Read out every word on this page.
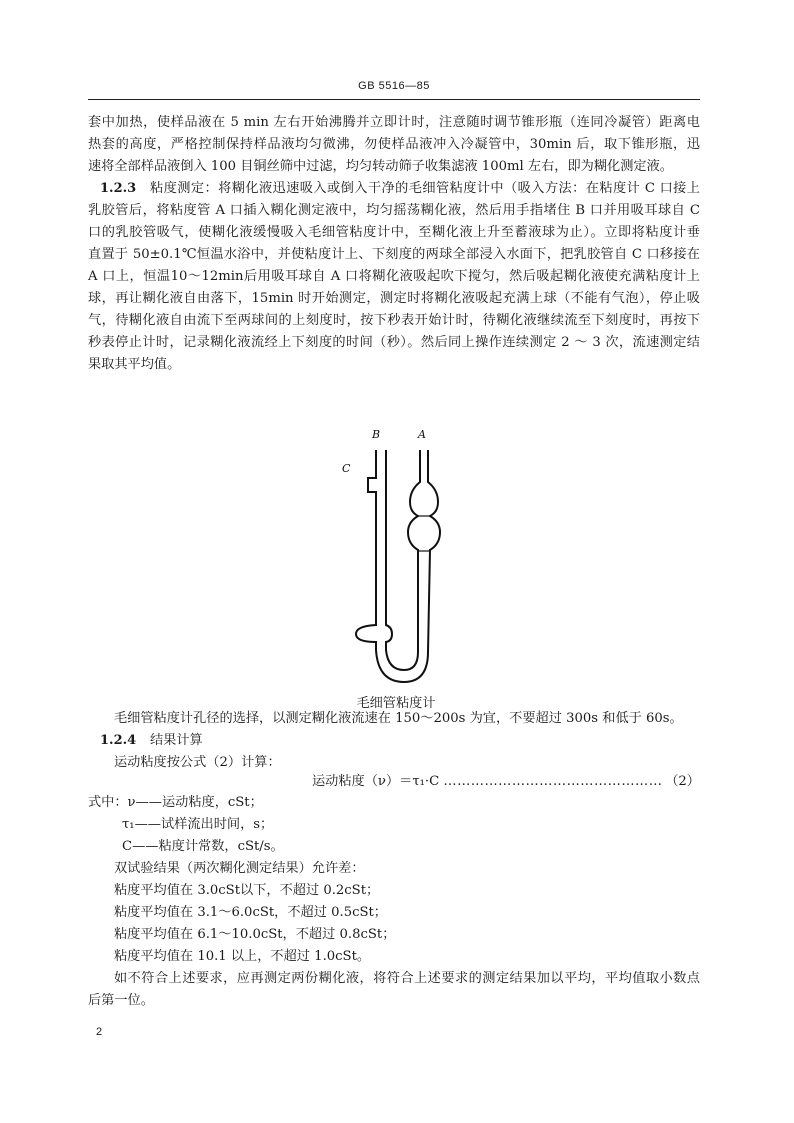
GB 5516—85
套中加热，使样品液在 5 min 左右开始沸腾并立即计时，注意随时调节锥形瓶（连同冷凝管）距离电
热套的高度，严格控制保持样品液均匀微沸，勿使样品液冲入冷凝管中，30min 后，取下锥形瓶，迅
速将全部样品液倒入 100 目铜丝筛中过滤，均匀转动筛子收集滤液 100ml 左右，即为糊化测定液。
1.2.3 粘度测定：将糊化液迅速吸入或倒入干净的毛细管粘度计中（吸入方法：在粘度计 C 口接上
乳胶管后，将粘度管 A 口插入糊化测定液中，均匀摇荡糊化液，然后用手指堵住 B 口并用吸耳球自 C
口的乳胶管吸气，使糊化液缓慢吸入毛细管粘度计中，至糊化液上升至蓄液球为止）。立即将粘度计垂
直置于 50±0.1℃恒温水浴中，并使粘度计上、下刻度的两球全部浸入水面下，把乳胶管自 C 口移接在
A 口上，恒温10～12min后用吸耳球自 A 口将糊化液吸起吹下搅匀，然后吸起糊化液使充满粘度计上
球，再让糊化液自由落下，15min 时开始测定，测定时将糊化液吸起充满上球（不能有气泡），停止吸
气，待糊化液自由流下至两球间的上刻度时，按下秒表开始计时，待糊化液继续流至下刻度时，再按下
秒表停止计时，记录糊化液流经上下刻度的时间（秒）。然后同上操作连续测定 2 ～ 3 次，流速测定结
果取其平均值。
B	A
C
毛细管粘度计
毛细管粘度计孔径的选择，以测定糊化液流速在 150～200s 为宜，不要超过 300s 和低于 60s。
1.2.4 结果计算
运动粘度按公式（2）计算：
运动粘度（ν）＝τ₁·C ………………………………………… （2）
式中：ν——运动粘度，cSt；
τ₁——试样流出时间，s；
C——粘度计常数，cSt/s。
双试验结果（两次糊化测定结果）允许差：
粘度平均值在 3.0cSt以下，不超过 0.2cSt；
粘度平均值在 3.1～6.0cSt，不超过 0.5cSt；
粘度平均值在 6.1～10.0cSt，不超过 0.8cSt；
粘度平均值在 10.1 以上，不超过 1.0cSt。
如不符合上述要求，应再测定两份糊化液，将符合上述要求的测定结果加以平均，平均值取小数点
后第一位。
2
